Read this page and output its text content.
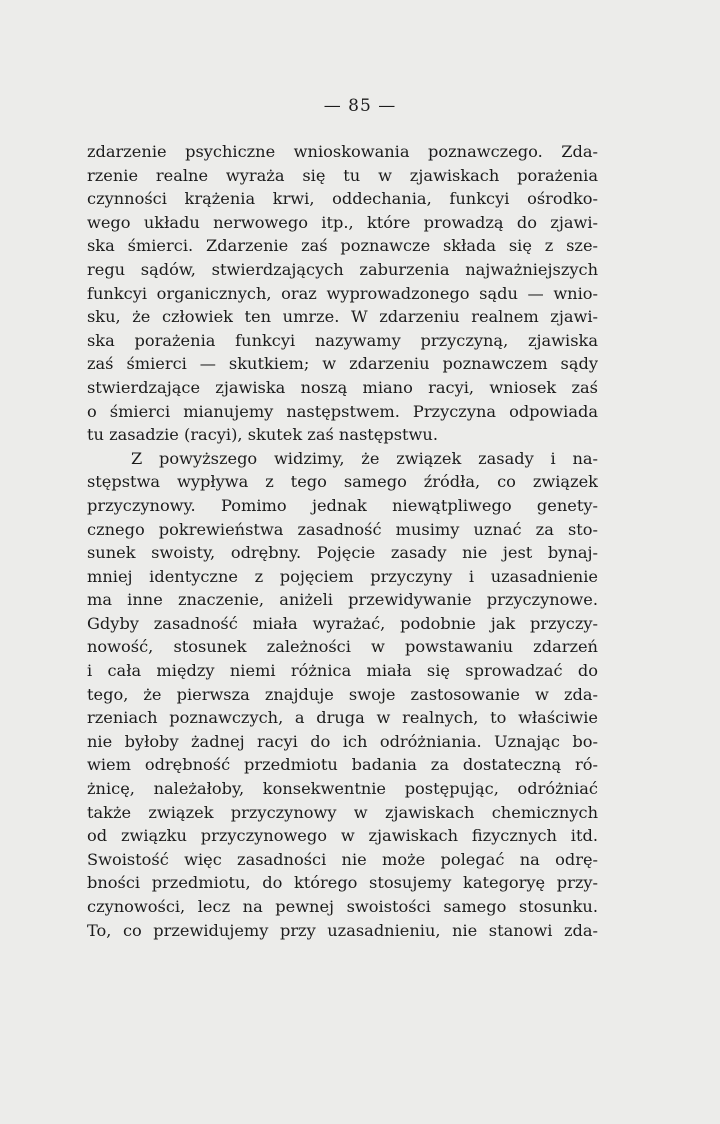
— 85 —
zdarzenie psychiczne wnioskowania poznawczego. Zda-
rzenie realne wyraża się tu w zjawiskach porażenia
czynności krążenia krwi, oddechania, funkcyi ośrodko-
wego układu nerwowego itp., które prowadzą do zjawi-
ska śmierci. Zdarzenie zaś poznawcze składa się z sze-
regu sądów, stwierdzających zaburzenia najważniejszych
funkcyi organicznych, oraz wyprowadzonego sądu — wnio-
sku, że człowiek ten umrze. W zdarzeniu realnem zjawi-
ska porażenia funkcyi nazywamy przyczyną, zjawiska
zaś śmierci — skutkiem; w zdarzeniu poznawczem sądy
stwierdzające zjawiska noszą miano racyi, wniosek zaś
o śmierci mianujemy następstwem. Przyczyna odpowiada
tu zasadzie (racyi), skutek zaś następstwu.
Z powyższego widzimy, że związek zasady i na-
stępstwa wypływa z tego samego źródła, co związek
przyczynowy. Pomimo jednak niewątpliwego genety-
cznego pokrewieństwa zasadność musimy uznać za sto-
sunek swoisty, odrębny. Pojęcie zasady nie jest bynaj-
mniej identyczne z pojęciem przyczyny i uzasadnienie
ma inne znaczenie, aniżeli przewidywanie przyczynowe.
Gdyby zasadność miała wyrażać, podobnie jak przyczy-
nowość, stosunek zależności w powstawaniu zdarzeń
i cała między niemi różnica miała się sprowadzać do
tego, że pierwsza znajduje swoje zastosowanie w zda-
rzeniach poznawczych, a druga w realnych, to właściwie
nie byłoby żadnej racyi do ich odróżniania. Uznając bo-
wiem odrębność przedmiotu badania za dostateczną ró-
żnicę, należałoby, konsekwentnie postępując, odróżniać
także związek przyczynowy w zjawiskach chemicznych
od związku przyczynowego w zjawiskach fizycznych itd.
Swoistość więc zasadności nie może polegać na odrę-
bności przedmiotu, do którego stosujemy kategoryę przy-
czynowości, lecz na pewnej swoistości samego stosunku.
To, co przewidujemy przy uzasadnieniu, nie stanowi zda-
